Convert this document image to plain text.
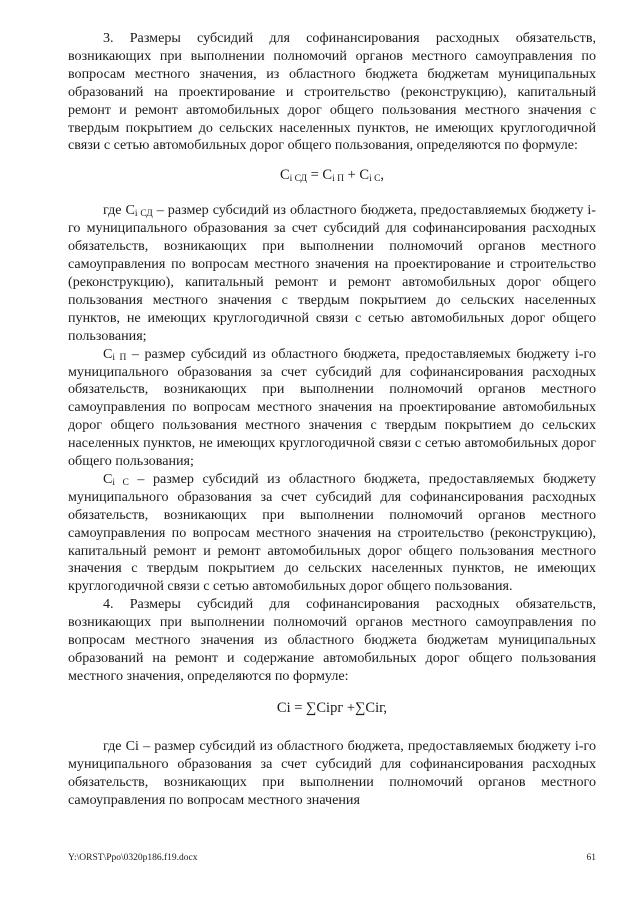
3. Размеры субсидий для софинансирования расходных обязательств, возникающих при выполнении полномочий органов местного самоуправления по вопросам местного значения, из областного бюджета бюджетам муниципальных образований на проектирование и строительство (реконструкцию), капитальный ремонт и ремонт автомобильных дорог общего пользования местного значения с твердым покрытием до сельских населенных пунктов, не имеющих круглогодичной связи с сетью автомобильных дорог общего пользования, определяются по формуле:

$C_{i СД} = C_{i П} + C_{i С}$,

где $C_{i СД}$ – размер субсидий из областного бюджета, предоставляемых бюджету i-го муниципального образования за счет субсидий для софинансирования расходных обязательств, возникающих при выполнении полномочий органов местного самоуправления по вопросам местного значения на проектирование и строительство (реконструкцию), капитальный ремонт и ремонт автомобильных дорог общего пользования местного значения с твердым покрытием до сельских населенных пунктов, не имеющих круглогодичной связи с сетью автомобильных дорог общего пользования;

$C_{i П}$ – размер субсидий из областного бюджета, предоставляемых бюджету i-го муниципального образования за счет субсидий для софинансирования расходных обязательств, возникающих при выполнении полномочий органов местного самоуправления по вопросам местного значения на проектирование автомобильных дорог общего пользования местного значения с твердым покрытием до сельских населенных пунктов, не имеющих круглогодичной связи с сетью автомобильных дорог общего пользования;

$C_{i С}$ – размер субсидий из областного бюджета, предоставляемых бюджету муниципального образования за счет субсидий для софинансирования расходных обязательств, возникающих при выполнении полномочий органов местного самоуправления по вопросам местного значения на строительство (реконструкцию), капитальный ремонт и ремонт автомобильных дорог общего пользования местного значения с твердым покрытием до сельских населенных пунктов, не имеющих круглогодичной связи с сетью автомобильных дорог общего пользования.

4. Размеры субсидий для софинансирования расходных обязательств, возникающих при выполнении полномочий органов местного самоуправления по вопросам местного значения из областного бюджета бюджетам муниципальных образований на ремонт и содержание автомобильных дорог общего пользования местного значения, определяются по формуле:

Ci = ∑Ciрг +∑Ciг,

где Ci – размер субсидий из областного бюджета, предоставляемых бюджету i-го муниципального образования за счет субсидий для софинансирования расходных обязательств, возникающих при выполнении полномочий органов местного самоуправления по вопросам местного значения

Y:\ORST\Ppo\0320p186.f19.docx	61
